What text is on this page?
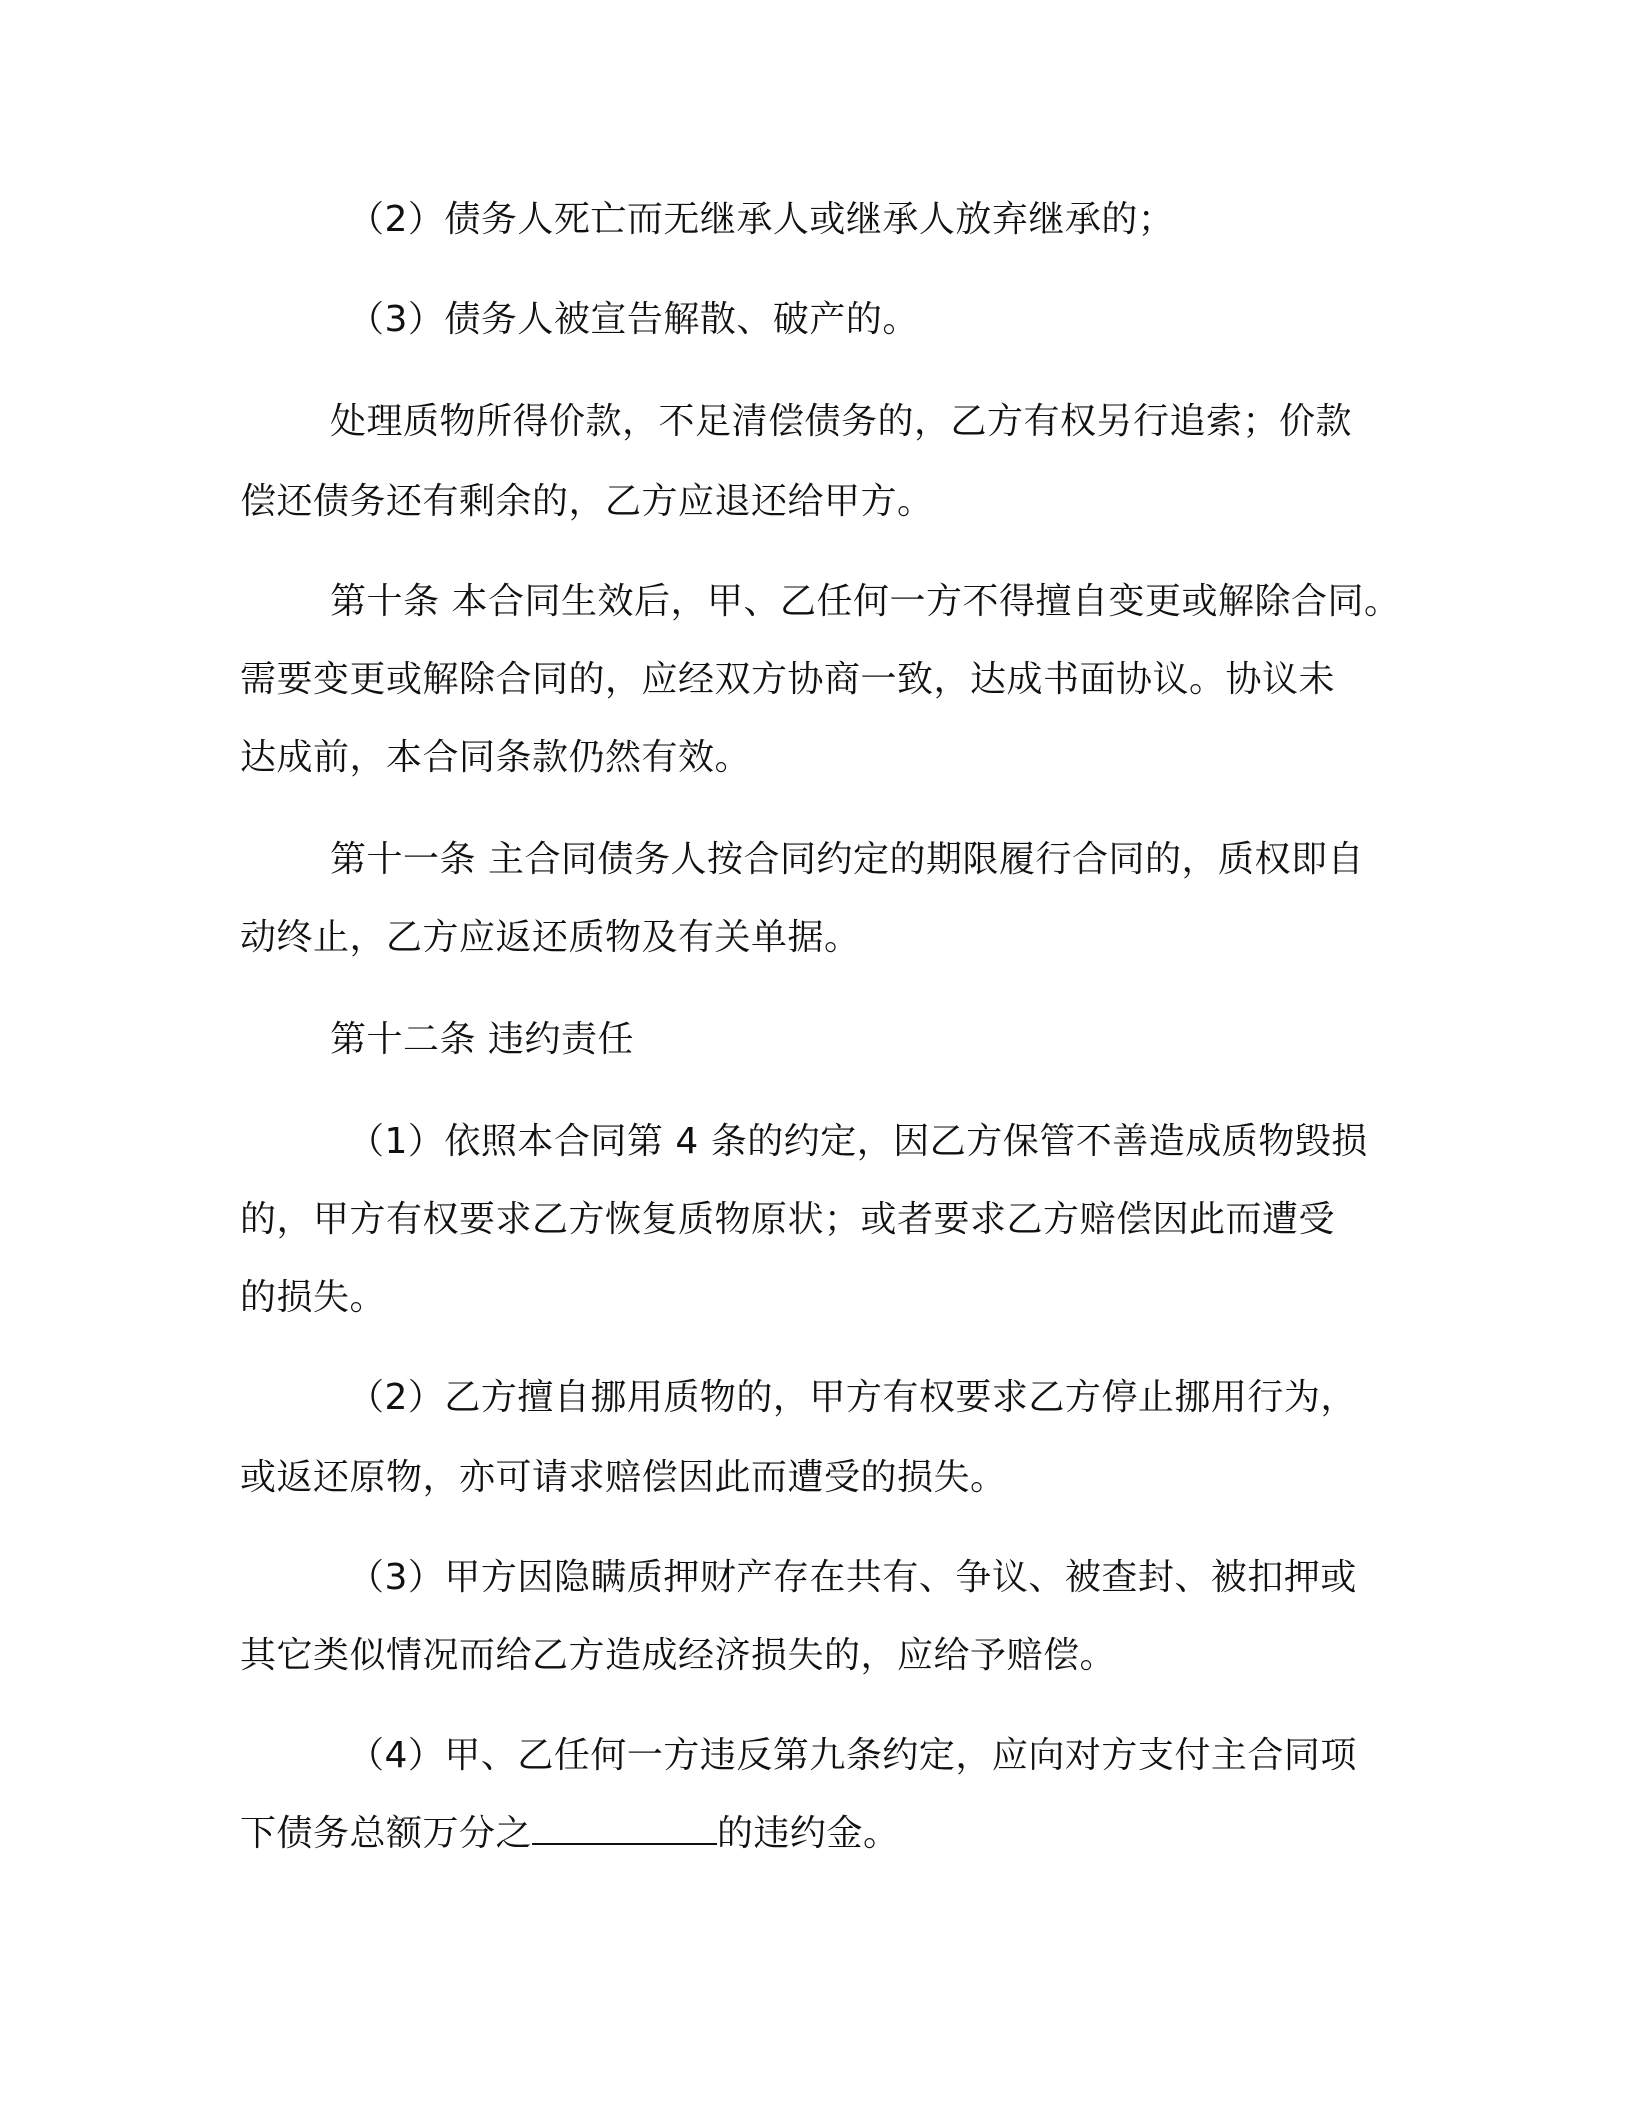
（2）债务人死亡而无继承人或继承人放弃继承的；
（3）债务人被宣告解散、破产的。
处理质物所得价款，不足清偿债务的，乙方有权另行追索；价款
偿还债务还有剩余的，乙方应退还给甲方。
第十条 本合同生效后，甲、乙任何一方不得擅自变更或解除合同。
需要变更或解除合同的，应经双方协商一致，达成书面协议。协议未
达成前，本合同条款仍然有效。
第十一条 主合同债务人按合同约定的期限履行合同的，质权即自
动终止，乙方应返还质物及有关单据。
第十二条 违约责任
（1）依照本合同第 4 条的约定，因乙方保管不善造成质物毁损
的，甲方有权要求乙方恢复质物原状；或者要求乙方赔偿因此而遭受
的损失。
（2）乙方擅自挪用质物的，甲方有权要求乙方停止挪用行为，
或返还原物，亦可请求赔偿因此而遭受的损失。
（3）甲方因隐瞒质押财产存在共有、争议、被查封、被扣押或
其它类似情况而给乙方造成经济损失的，应给予赔偿。
（4）甲、乙任何一方违反第九条约定，应向对方支付主合同项
下债务总额万分之	的违约金。
